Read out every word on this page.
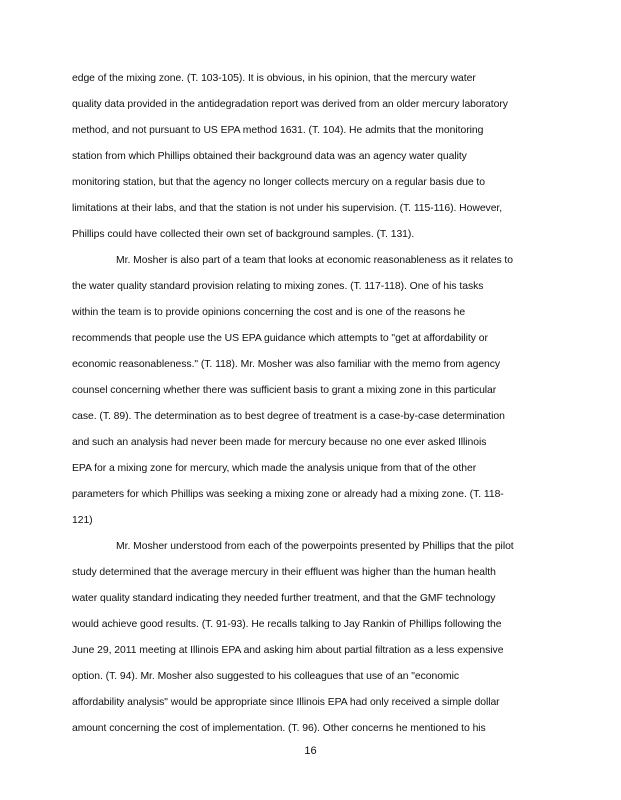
edge of the mixing zone. (T. 103-105). It is obvious, in his opinion, that the mercury water
quality data provided in the antidegradation report was derived from an older mercury laboratory
method, and not pursuant to US EPA method 1631. (T. 104). He admits that the monitoring
station from which Phillips obtained their background data was an agency water quality
monitoring station, but that the agency no longer collects mercury on a regular basis due to
limitations at their labs, and that the station is not under his supervision. (T. 115-116). However,
Phillips could have collected their own set of background samples. (T. 131).
Mr. Mosher is also part of a team that looks at economic reasonableness as it relates to
the water quality standard provision relating to mixing zones. (T. 117-118). One of his tasks
within the team is to provide opinions concerning the cost and is one of the reasons he
recommends that people use the US EPA guidance which attempts to "get at affordability or
economic reasonableness." (T. 118). Mr. Mosher was also familiar with the memo from agency
counsel concerning whether there was sufficient basis to grant a mixing zone in this particular
case. (T. 89). The determination as to best degree of treatment is a case-by-case determination
and such an analysis had never been made for mercury because no one ever asked Illinois
EPA for a mixing zone for mercury, which made the analysis unique from that of the other
parameters for which Phillips was seeking a mixing zone or already had a mixing zone. (T. 118-
121)
Mr. Mosher understood from each of the powerpoints presented by Phillips that the pilot
study determined that the average mercury in their effluent was higher than the human health
water quality standard indicating they needed further treatment, and that the GMF technology
would achieve good results. (T. 91-93). He recalls talking to Jay Rankin of Phillips following the
June 29, 2011 meeting at Illinois EPA and asking him about partial filtration as a less expensive
option. (T. 94). Mr. Mosher also suggested to his colleagues that use of an "economic
affordability analysis" would be appropriate since Illinois EPA had only received a simple dollar
amount concerning the cost of implementation. (T. 96). Other concerns he mentioned to his
16
